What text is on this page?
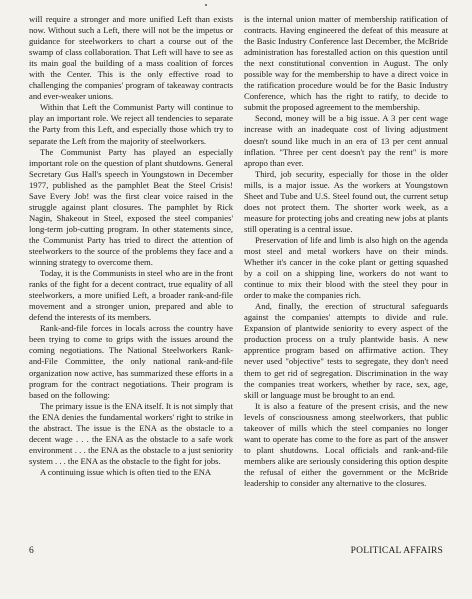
will require a stronger and more unified Left than exists now. Without such a Left, there will not be the impetus or guidance for steelworkers to chart a course out of the swamp of class collaboration. That Left will have to see as its main goal the building of a mass coalition of forces with the Center. This is the only effective road to challenging the companies' program of takeaway contracts and ever-weaker unions.

Within that Left the Communist Party will continue to play an important role. We reject all tendencies to separate the Party from this Left, and especially those which try to separate the Left from the majority of steelworkers.

The Communist Party has played an especially important role on the question of plant shutdowns. General Secretary Gus Hall's speech in Youngstown in December 1977, published as the pamphlet Beat the Steel Crisis! Save Every Job! was the first clear voice raised in the struggle against plant closures. The pamphlet by Rick Nagin, Shakeout in Steel, exposed the steel companies' long-term job-cutting program. In other statements since, the Communist Party has tried to direct the attention of steelworkers to the source of the problems they face and a winning strategy to overcome them.

Today, it is the Communists in steel who are in the front ranks of the fight for a decent contract, true equality of all steelworkers, a more unified Left, a broader rank-and-file movement and a stronger union, prepared and able to defend the interests of its members.

Rank-and-file forces in locals across the country have been trying to come to grips with the issues around the coming negotiations. The National Steelworkers Rank-and-File Committee, the only national rank-and-file organization now active, has summarized these efforts in a program for the contract negotiations. Their program is based on the following:

The primary issue is the ENA itself. It is not simply that the ENA denies the fundamental workers' right to strike in the abstract. The issue is the ENA as the obstacle to a decent wage . . . the ENA as the obstacle to a safe work environment . . . the ENA as the obstacle to a just seniority system . . . the ENA as the obstacle to the fight for jobs.

A continuing issue which is often tied to the ENA

is the internal union matter of membership ratification of contracts. Having engineered the defeat of this measure at the Basic Industry Conference last December, the McBride administration has forestalled action on this question until the next constitutional convention in August. The only possible way for the membership to have a direct voice in the ratification procedure would be for the Basic Industry Conference, which has the right to ratify, to decide to submit the proposed agreement to the membership.

Second, money will be a big issue. A 3 per cent wage increase with an inadequate cost of living adjustment doesn't sound like much in an era of 13 per cent annual inflation. "Three per cent doesn't pay the rent" is more apropo than ever.

Third, job security, especially for those in the older mills, is a major issue. As the workers at Youngstown Sheet and Tube and U.S. Steel found out, the current setup does not protect them. The shorter work week, as a measure for protecting jobs and creating new jobs at plants still operating is a central issue.

Preservation of life and limb is also high on the agenda most steel and metal workers have on their minds. Whether it's cancer in the coke plant or getting squashed by a coil on a shipping line, workers do not want to continue to mix their blood with the steel they pour in order to make the companies rich.

And, finally, the erection of structural safeguards against the companies' attempts to divide and rule. Expansion of plantwide seniority to every aspect of the production process on a truly plantwide basis. A new apprentice program based on affirmative action. They never used "objective" tests to segregate, they don't need them to get rid of segregation. Discrimination in the way the companies treat workers, whether by race, sex, age, skill or language must be brought to an end.

It is also a feature of the present crisis, and the new levels of consciousness among steelworkers, that public takeover of mills which the steel companies no longer want to operate has come to the fore as part of the answer to plant shutdowns. Local officials and rank-and-file members alike are seriously considering this option despite the refusal of either the government or the McBride leadership to consider any alternative to the closures.

6	POLITICAL AFFAIRS
